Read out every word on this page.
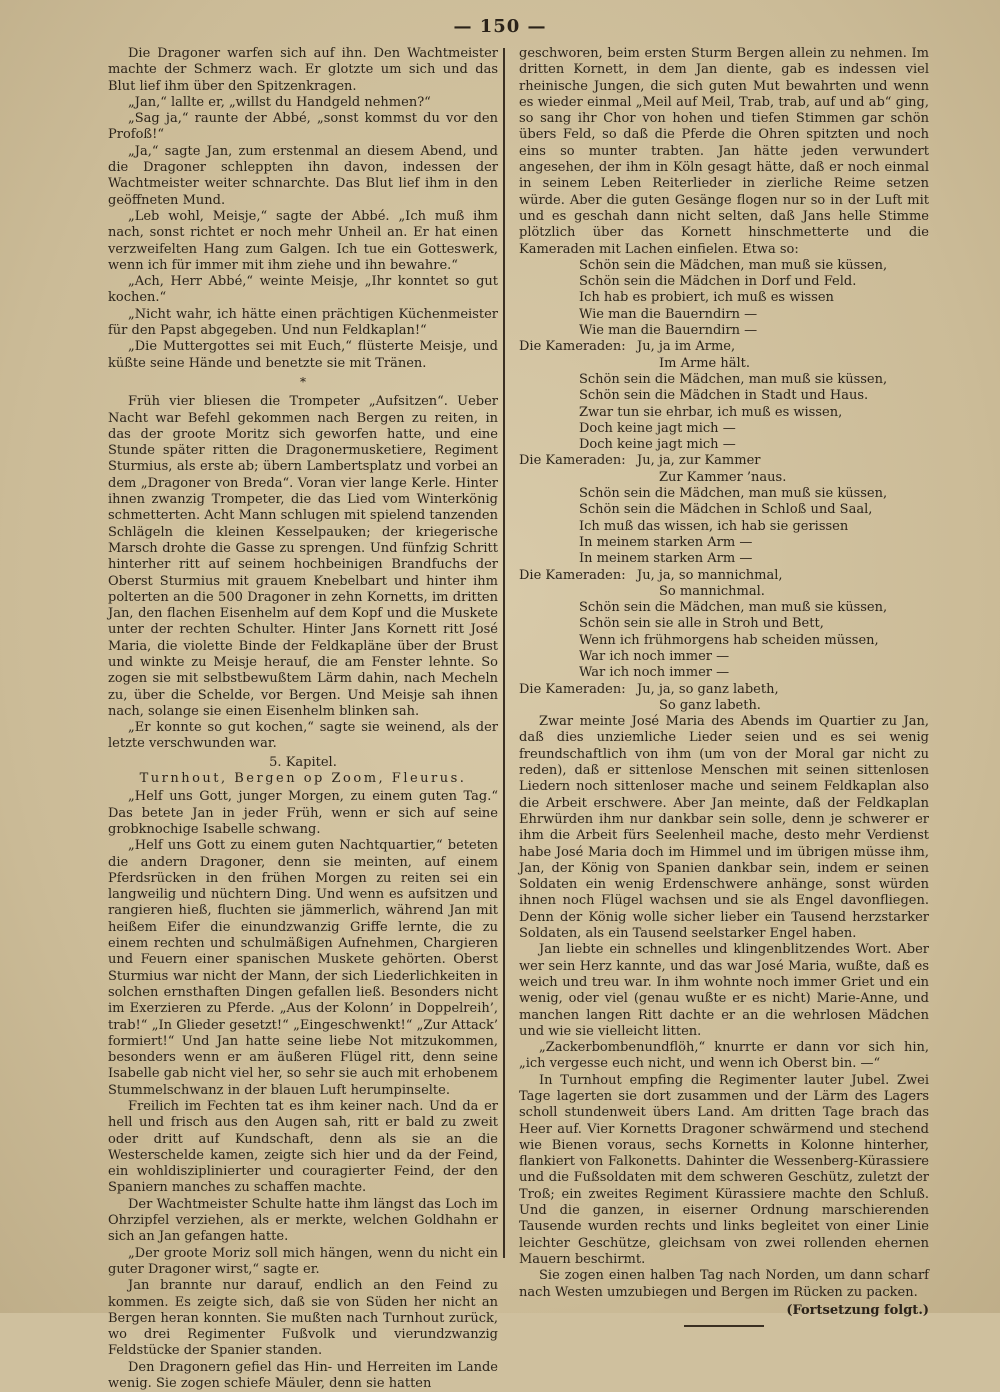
— 150 —

Die Dragoner warfen sich auf ihn. Den Wachtmeister machte der Schmerz wach. Er glotzte um sich und das Blut lief ihm über den Spitzenkragen.

„Jan,“ lallte er, „willst du Handgeld nehmen?“

„Sag ja,“ raunte der Abbé, „sonst kommst du vor den Profoß!“

„Ja,“ sagte Jan, zum erstenmal an diesem Abend, und die Dragoner schleppten ihn davon, indessen der Wachtmeister weiter schnarchte. Das Blut lief ihm in den geöffneten Mund.

„Leb wohl, Meisje,“ sagte der Abbé. „Ich muß ihm nach, sonst richtet er noch mehr Unheil an. Er hat einen verzweifelten Hang zum Galgen. Ich tue ein Gotteswerk, wenn ich für immer mit ihm ziehe und ihn bewahre.“

„Ach, Herr Abbé,“ weinte Meisje, „Ihr konntet so gut kochen.“

„Nicht wahr, ich hätte einen prächtigen Küchenmeister für den Papst abgegeben. Und nun Feldkaplan!“

„Die Muttergottes sei mit Euch,“ flüsterte Meisje, und küßte seine Hände und benetzte sie mit Tränen.

*

Früh vier bliesen die Trompeter „Aufsitzen“. Ueber Nacht war Befehl gekommen nach Bergen zu reiten, in das der groote Moritz sich geworfen hatte, und eine Stunde später ritten die Dragonermusketiere, Regiment Sturmius, als erste ab; übern Lambertsplatz und vorbei an dem „Dragoner von Breda“. Voran vier lange Kerle. Hinter ihnen zwanzig Trompeter, die das Lied vom Winterkönig schmetterten. Acht Mann schlugen mit spielend tanzenden Schlägeln die kleinen Kesselpauken; der kriegerische Marsch drohte die Gasse zu sprengen. Und fünfzig Schritt hinterher ritt auf seinem hochbeinigen Brandfuchs der Oberst Sturmius mit grauem Knebelbart und hinter ihm polterten an die 500 Dragoner in zehn Kornetts, im dritten Jan, den flachen Eisenhelm auf dem Kopf und die Muskete unter der rechten Schulter. Hinter Jans Kornett ritt José Maria, die violette Binde der Feldkapläne über der Brust und winkte zu Meisje herauf, die am Fenster lehnte. So zogen sie mit selbstbewußtem Lärm dahin, nach Mecheln zu, über die Schelde, vor Bergen. Und Meisje sah ihnen nach, solange sie einen Eisenhelm blinken sah.

„Er konnte so gut kochen,“ sagte sie weinend, als der letzte verschwunden war.

5. Kapitel.
Turnhout, Bergen op Zoom, Fleurus.

„Helf uns Gott, junger Morgen, zu einem guten Tag.“ Das betete Jan in jeder Früh, wenn er sich auf seine grobknochige Isabelle schwang.

„Helf uns Gott zu einem guten Nachtquartier,“ beteten die andern Dragoner, denn sie meinten, auf einem Pferdsrücken in den frühen Morgen zu reiten sei ein langweilig und nüchtern Ding. Und wenn es aufsitzen und rangieren hieß, fluchten sie jämmerlich, während Jan mit heißem Eifer die einundzwanzig Griffe lernte, die zu einem rechten und schulmäßigen Aufnehmen, Chargieren und Feuern einer spanischen Muskete gehörten. Oberst Sturmius war nicht der Mann, der sich Liederlichkeiten in solchen ernsthaften Dingen gefallen ließ. Besonders nicht im Exerzieren zu Pferde. „Aus der Kolonn’ in Doppelreih’, trab!“ „In Glieder gesetzt!“ „Eingeschwenkt!“ „Zur Attack’ formiert!“ Und Jan hatte seine liebe Not mitzukommen, besonders wenn er am äußeren Flügel ritt, denn seine Isabelle gab nicht viel her, so sehr sie auch mit erhobenem Stummelschwanz in der blauen Luft herumpinselte.

Freilich im Fechten tat es ihm keiner nach. Und da er hell und frisch aus den Augen sah, ritt er bald zu zweit oder dritt auf Kundschaft, denn als sie an die Westerschelde kamen, zeigte sich hier und da der Feind, ein wohldisziplinierter und couragierter Feind, der den Spaniern manches zu schaffen machte.

Der Wachtmeister Schulte hatte ihm längst das Loch im Ohrzipfel verziehen, als er merkte, welchen Goldhahn er sich an Jan gefangen hatte.

„Der groote Moriz soll mich hängen, wenn du nicht ein guter Dragoner wirst,“ sagte er.

Jan brannte nur darauf, endlich an den Feind zu kommen. Es zeigte sich, daß sie von Süden her nicht an Bergen heran konnten. Sie mußten nach Turnhout zurück, wo drei Regimenter Fußvolk und vierundzwanzig Feldstücke der Spanier standen.

Den Dragonern gefiel das Hin- und Herreiten im Lande wenig. Sie zogen schiefe Mäuler, denn sie hatten

geschworen, beim ersten Sturm Bergen allein zu nehmen. Im dritten Kornett, in dem Jan diente, gab es indessen viel rheinische Jungen, die sich guten Mut bewahrten und wenn es wieder einmal „Meil auf Meil, Trab, trab, auf und ab“ ging, so sang ihr Chor von hohen und tiefen Stimmen gar schön übers Feld, so daß die Pferde die Ohren spitzten und noch eins so munter trabten. Jan hätte jeden verwundert angesehen, der ihm in Köln gesagt hätte, daß er noch einmal in seinem Leben Reiterlieder in zierliche Reime setzen würde. Aber die guten Gesänge flogen nur so in der Luft mit und es geschah dann nicht selten, daß Jans helle Stimme plötzlich über das Kornett hinschmetterte und die Kameraden mit Lachen einfielen. Etwa so:

Schön sein die Mädchen, man muß sie küssen,
Schön sein die Mädchen in Dorf und Feld.
Ich hab es probiert, ich muß es wissen
Wie man die Bauerndirn —
Wie man die Bauerndirn —
Die Kameraden: Ju, ja im Arme,
Im Arme hält.
Schön sein die Mädchen, man muß sie küssen,
Schön sein die Mädchen in Stadt und Haus.
Zwar tun sie ehrbar, ich muß es wissen,
Doch keine jagt mich —
Doch keine jagt mich —
Die Kameraden: Ju, ja, zur Kammer
Zur Kammer ’naus.
Schön sein die Mädchen, man muß sie küssen,
Schön sein die Mädchen in Schloß und Saal,
Ich muß das wissen, ich hab sie gerissen
In meinem starken Arm —
In meinem starken Arm —
Die Kameraden: Ju, ja, so mannichmal,
So mannichmal.
Schön sein die Mädchen, man muß sie küssen,
Schön sein sie alle in Stroh und Bett,
Wenn ich frühmorgens hab scheiden müssen,
War ich noch immer —
War ich noch immer —
Die Kameraden: Ju, ja, so ganz labeth,
So ganz labeth.

Zwar meinte José Maria des Abends im Quartier zu Jan, daß dies unziemliche Lieder seien und es sei wenig freundschaftlich von ihm (um von der Moral gar nicht zu reden), daß er sittenlose Menschen mit seinen sittenlosen Liedern noch sittenloser mache und seinem Feldkaplan also die Arbeit erschwere. Aber Jan meinte, daß der Feldkaplan Ehrwürden ihm nur dankbar sein solle, denn je schwerer er ihm die Arbeit fürs Seelenheil mache, desto mehr Verdienst habe José Maria doch im Himmel und im übrigen müsse ihm, Jan, der König von Spanien dankbar sein, indem er seinen Soldaten ein wenig Erdenschwere anhänge, sonst würden ihnen noch Flügel wachsen und sie als Engel davonfliegen. Denn der König wolle sicher lieber ein Tausend herzstarker Soldaten, als ein Tausend seelstarker Engel haben.

Jan liebte ein schnelles und klingenblitzendes Wort. Aber wer sein Herz kannte, und das war José Maria, wußte, daß es weich und treu war. In ihm wohnte noch immer Griet und ein wenig, oder viel (genau wußte er es nicht) Marie-Anne, und manchen langen Ritt dachte er an die wehrlosen Mädchen und wie sie vielleicht litten.

„Zackerbombenundflöh,“ knurrte er dann vor sich hin, „ich vergesse euch nicht, und wenn ich Oberst bin. —“

In Turnhout empfing die Regimenter lauter Jubel. Zwei Tage lagerten sie dort zusammen und der Lärm des Lagers scholl stundenweit übers Land. Am dritten Tage brach das Heer auf. Vier Kornetts Dragoner schwärmend und stechend wie Bienen voraus, sechs Kornetts in Kolonne hinterher, flankiert von Falkonetts. Dahinter die Wessenberg-Kürassiere und die Fußsoldaten mit dem schweren Geschütz, zuletzt der Troß; ein zweites Regiment Kürassiere machte den Schluß. Und die ganzen, in eiserner Ordnung marschierenden Tausende wurden rechts und links begleitet von einer Linie leichter Geschütze, gleichsam von zwei rollenden ehernen Mauern beschirmt.

Sie zogen einen halben Tag nach Norden, um dann scharf nach Westen umzubiegen und Bergen im Rücken zu packen.

(Fortsetzung folgt.)
